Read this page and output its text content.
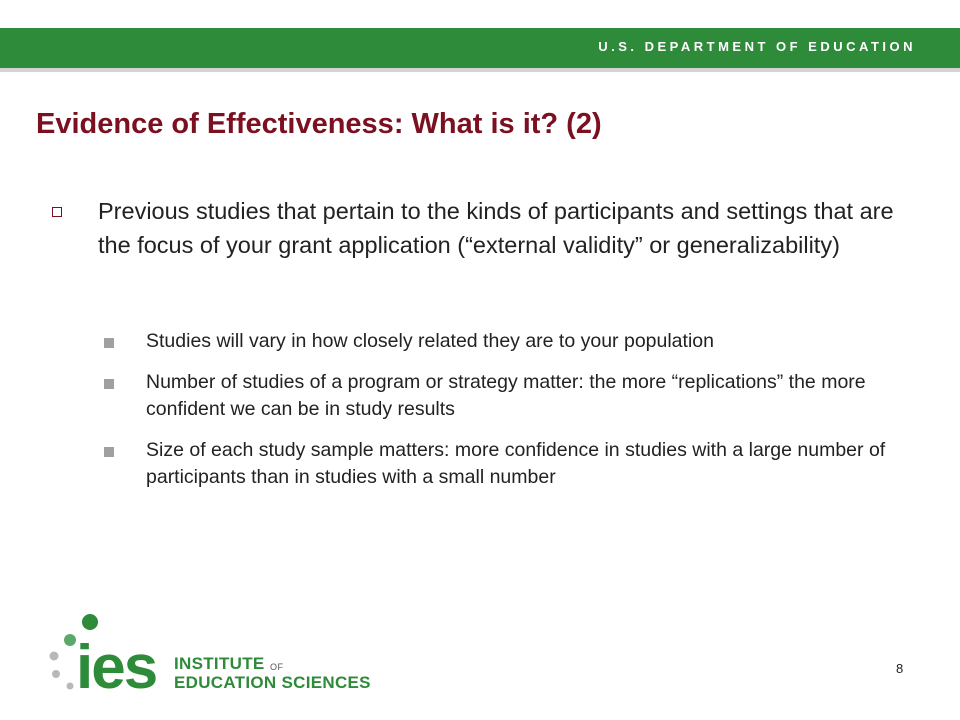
U.S. DEPARTMENT OF EDUCATION
Evidence of Effectiveness: What is it? (2)
Previous studies that pertain to the kinds of participants and settings that are the focus of your grant application (“external validity” or generalizability)
Studies will vary in how closely related they are to your population
Number of studies of a program or strategy matter: the more “replications” the more confident we can be in study results
Size of each study sample matters: more confidence in studies with a large number of participants than in studies with a small number
ies INSTITUTE OF
EDUCATION SCIENCES
8
